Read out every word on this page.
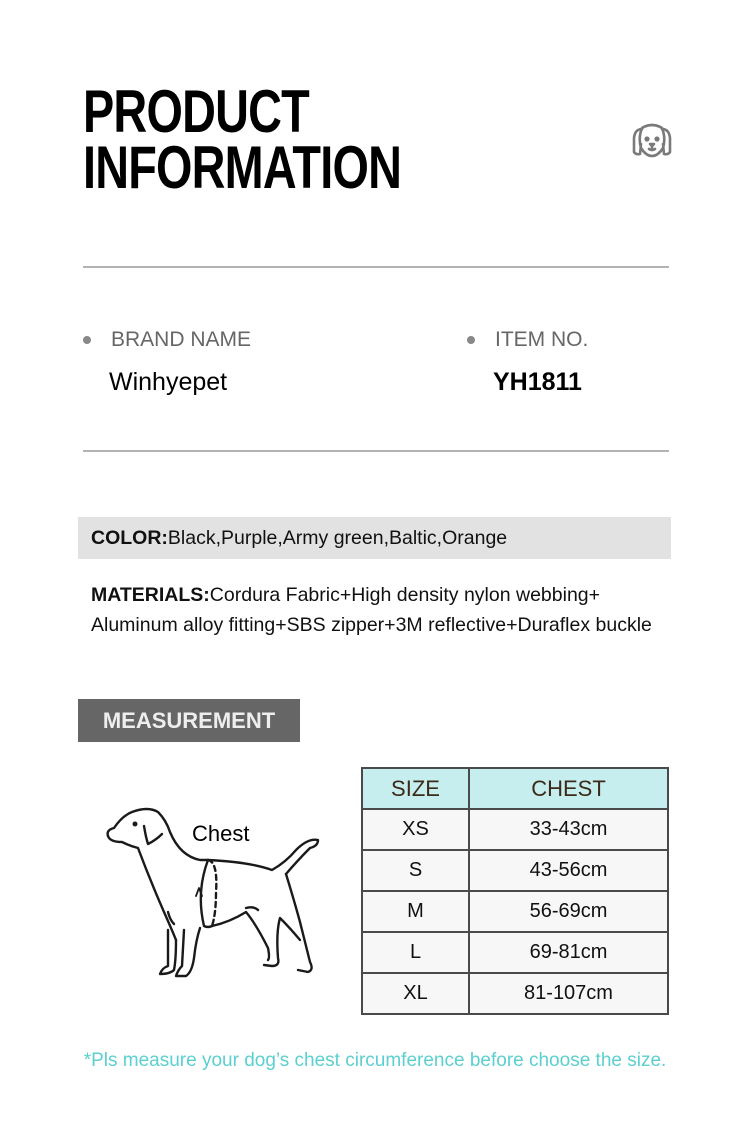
PRODUCT
INFORMATION
BRAND NAME
Winhyepet
ITEM NO.
YH1811
COLOR: Black,Purple,Army green,Baltic,Orange
MATERIALS:Cordura Fabric+High density nylon webbing+
Aluminum alloy fitting+SBS zipper+3M reflective+Duraflex buckle
MEASUREMENT
Chest
SIZE	CHEST
XS	33-43cm
S	43-56cm
M	56-69cm
L	69-81cm
XL	81-107cm
*Pls measure your dog’s chest circumference before choose the size.
